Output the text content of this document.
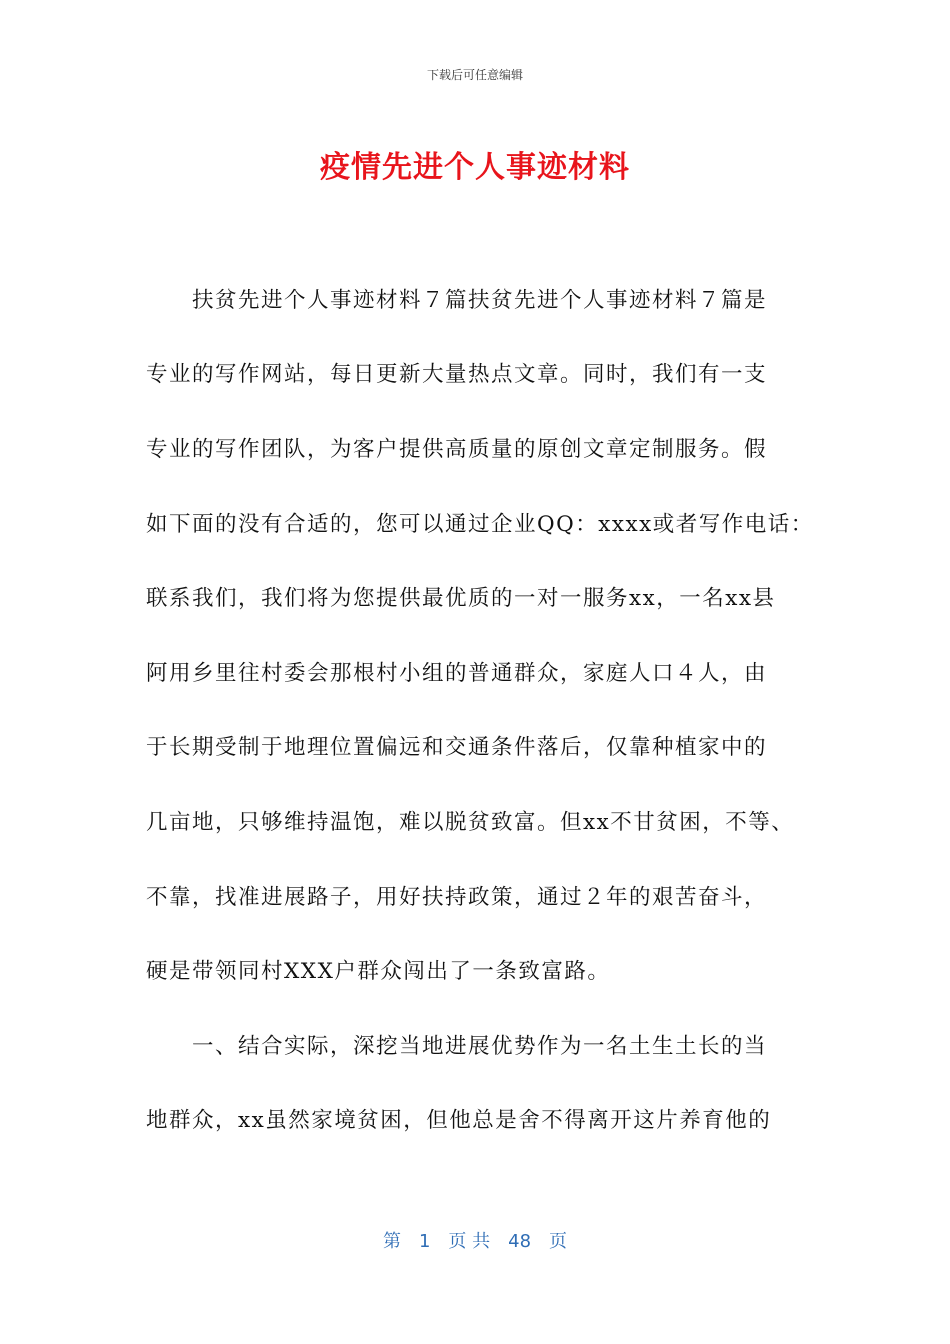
下载后可任意编辑
疫情先进个人事迹材料
　　扶贫先进个人事迹材料７篇扶贫先进个人事迹材料７篇是
专业的写作网站，每日更新大量热点文章。同时，我们有一支
专业的写作团队，为客户提供高质量的原创文章定制服务。假
如下面的没有合适的，您可以通过企业QQ：xxxx或者写作电话：
联系我们，我们将为您提供最优质的一对一服务xx，一名xx县
阿用乡里往村委会那根村小组的普通群众，家庭人口４人，由
于长期受制于地理位置偏远和交通条件落后，仅靠种植家中的
几亩地，只够维持温饱，难以脱贫致富。但xx不甘贫困，不等、
不靠，找准进展路子，用好扶持政策，通过２年的艰苦奋斗，
硬是带领同村XXX户群众闯出了一条致富路。
　　一、结合实际，深挖当地进展优势作为一名土生土长的当
地群众，xx虽然家境贫困，但他总是舍不得离开这片养育他的
第　1　页 共　48　页
